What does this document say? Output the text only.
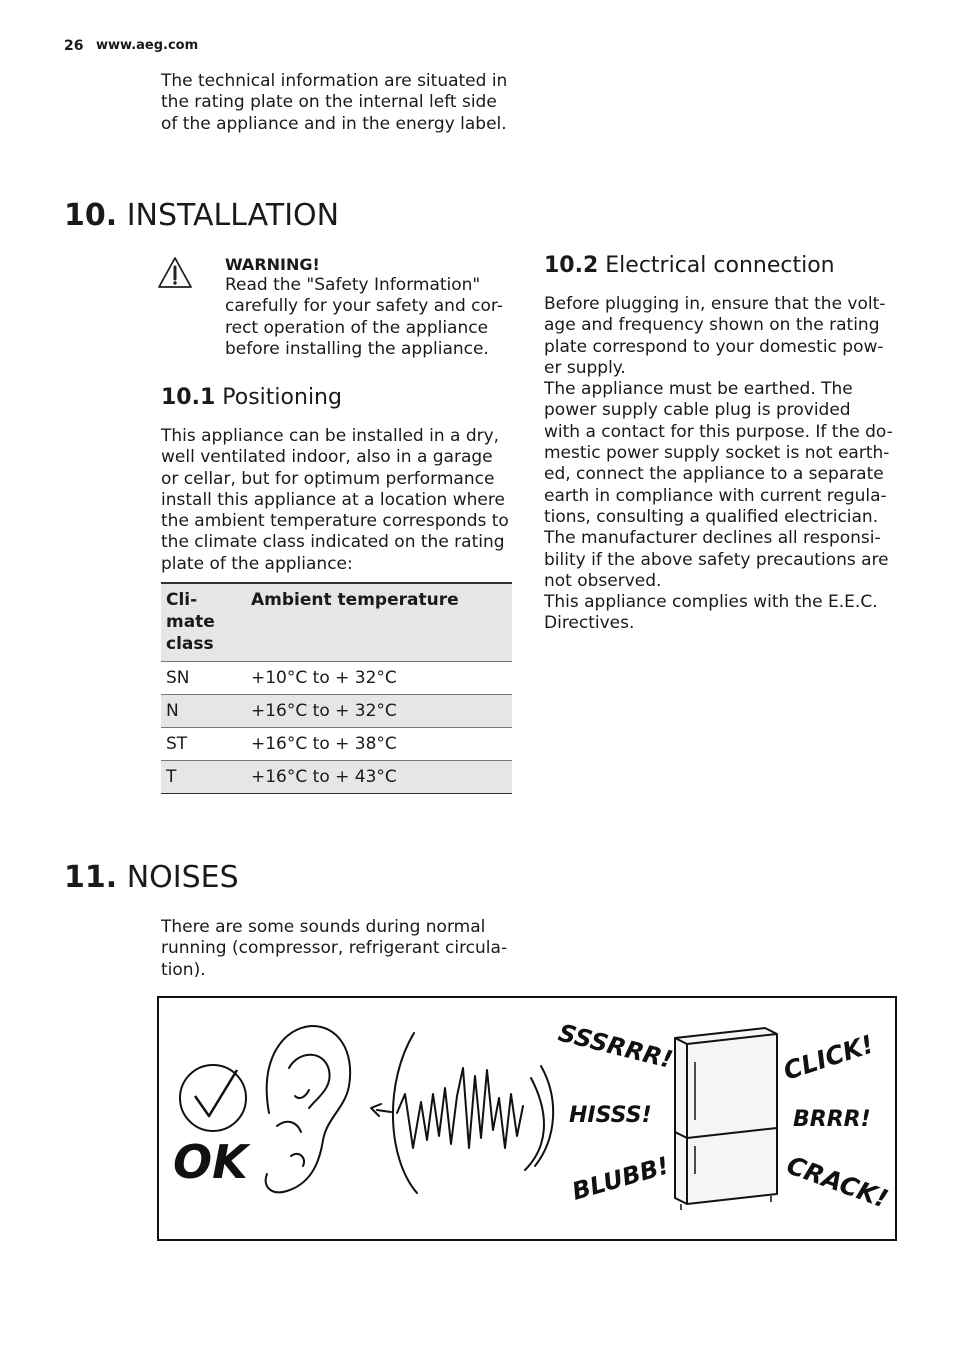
26 www.aeg.com
The technical information are situated in
the rating plate on the internal left side
of the appliance and in the energy label.
10. INSTALLATION
WARNING!
Read the "Safety Information"
carefully for your safety and cor-
rect operation of the appliance
before installing the appliance.
10.1 Positioning
This appliance can be installed in a dry,
well ventilated indoor, also in a garage
or cellar, but for optimum performance
install this appliance at a location where
the ambient temperature corresponds to
the climate class indicated on the rating
plate of the appliance:
Cli-
mate
class	Ambient temperature
SN	+10°C to + 32°C
N	+16°C to + 32°C
ST	+16°C to + 38°C
T	+16°C to + 43°C
10.2 Electrical connection
Before plugging in, ensure that the volt-
age and frequency shown on the rating
plate correspond to your domestic pow-
er supply.
The appliance must be earthed. The
power supply cable plug is provided
with a contact for this purpose. If the do-
mestic power supply socket is not earth-
ed, connect the appliance to a separate
earth in compliance with current regula-
tions, consulting a qualified electrician.
The manufacturer declines all responsi-
bility if the above safety precautions are
not observed.
This appliance complies with the E.E.C.
Directives.
11. NOISES
There are some sounds during normal
running (compressor, refrigerant circula-
tion).
OK
SSSRRR!
HISSS!
BLUBB!
CLICK!
BRRR!
CRACK!
